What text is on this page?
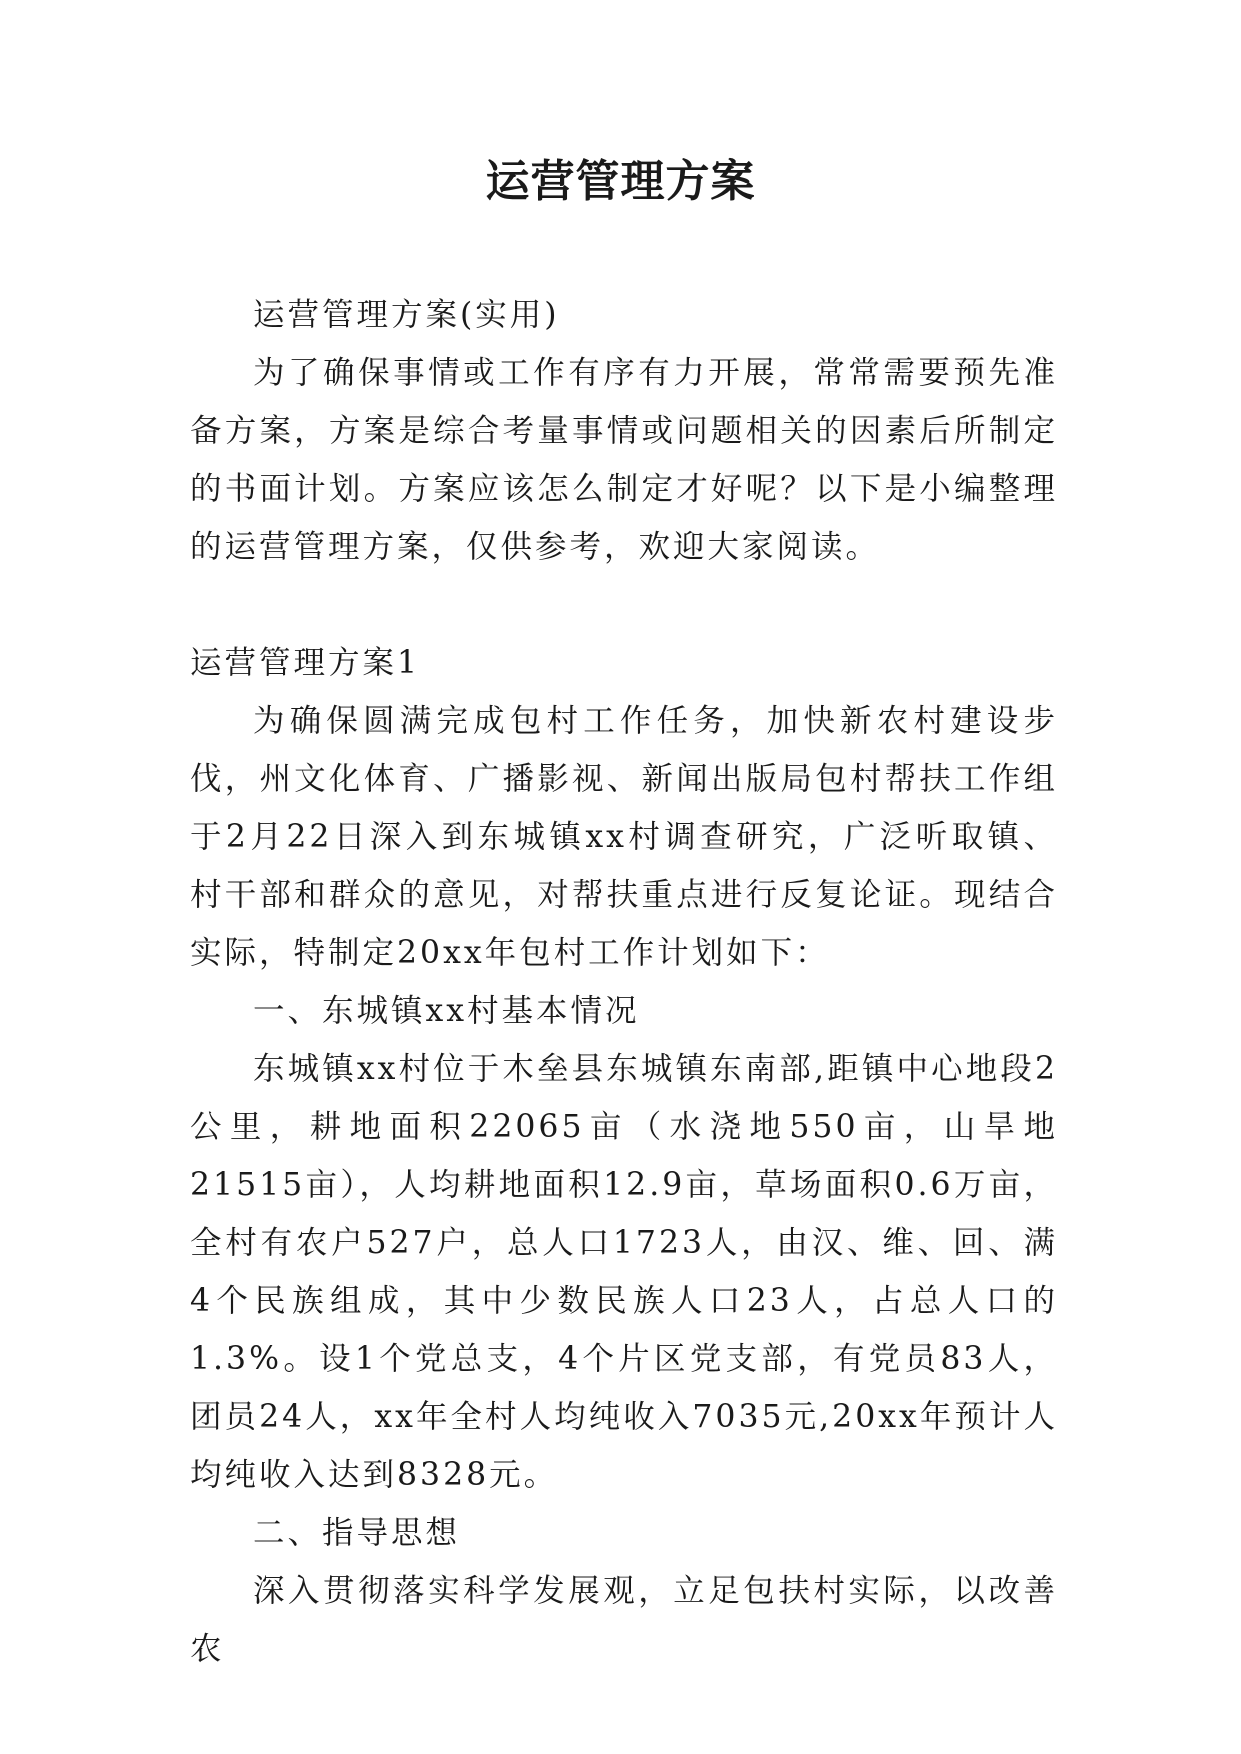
运营管理方案

运营管理方案(实用)

为了确保事情或工作有序有力开展，常常需要预先准备方案，方案是综合考量事情或问题相关的因素后所制定的书面计划。方案应该怎么制定才好呢？以下是小编整理的运营管理方案，仅供参考，欢迎大家阅读。

运营管理方案1

为确保圆满完成包村工作任务，加快新农村建设步伐，州文化体育、广播影视、新闻出版局包村帮扶工作组于2月22日深入到东城镇xx村调查研究，广泛听取镇、村干部和群众的意见，对帮扶重点进行反复论证。现结合实际，特制定20xx年包村工作计划如下：

一、东城镇xx村基本情况

东城镇xx村位于木垒县东城镇东南部,距镇中心地段2公里，耕地面积22065亩（水浇地550亩，山旱地21515亩），人均耕地面积12.9亩，草场面积0.6万亩，全村有农户527户，总人口1723人，由汉、维、回、满4个民族组成，其中少数民族人口23人，占总人口的1.3%。设1个党总支，4个片区党支部，有党员83人，团员24人，xx年全村人均纯收入7035元,20xx年预计人均纯收入达到8328元。

二、指导思想

深入贯彻落实科学发展观，立足包扶村实际，以改善农
